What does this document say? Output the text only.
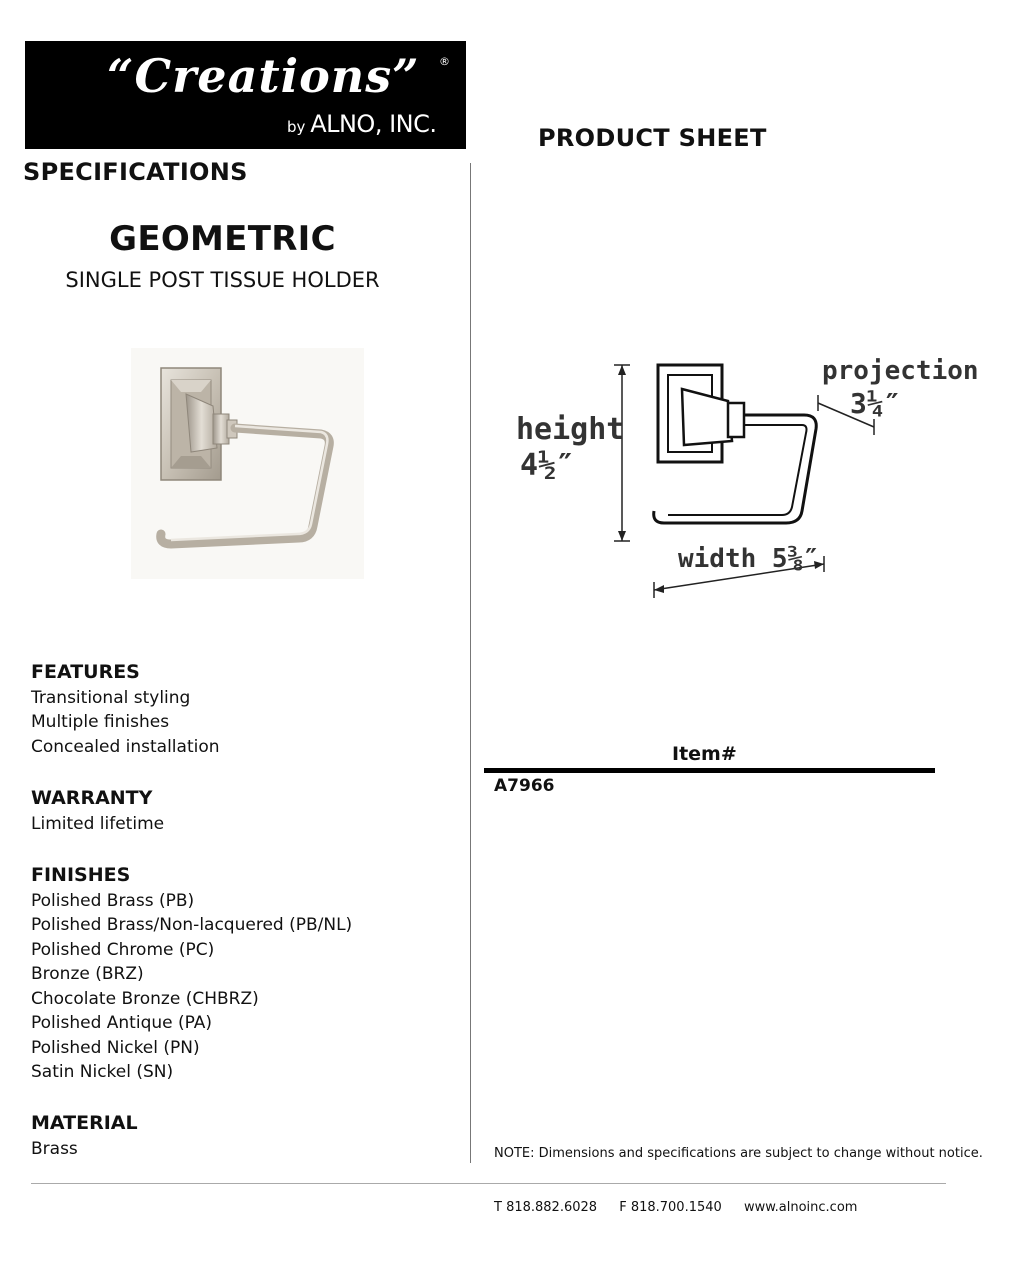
“Creations” ®
by ALNO, INC.	PRODUCT SHEET
SPECIFICATIONS
GEOMETRIC
SINGLE POST TISSUE HOLDER
height
4½″
projection
3¼″
width 5⅜″
FEATURES
Transitional styling
Multiple finishes
Concealed installation
WARRANTY
Limited lifetime
FINISHES
Polished Brass (PB)
Polished Brass/Non-lacquered (PB/NL)
Polished Chrome (PC)
Bronze (BRZ)
Chocolate Bronze (CHBRZ)
Polished Antique (PA)
Polished Nickel (PN)
Satin Nickel (SN)
MATERIAL
Brass
Item#
A7966
NOTE: Dimensions and specifications are subject to change without notice.
T 818.882.6028 F 818.700.1540 www.alnoinc.com
